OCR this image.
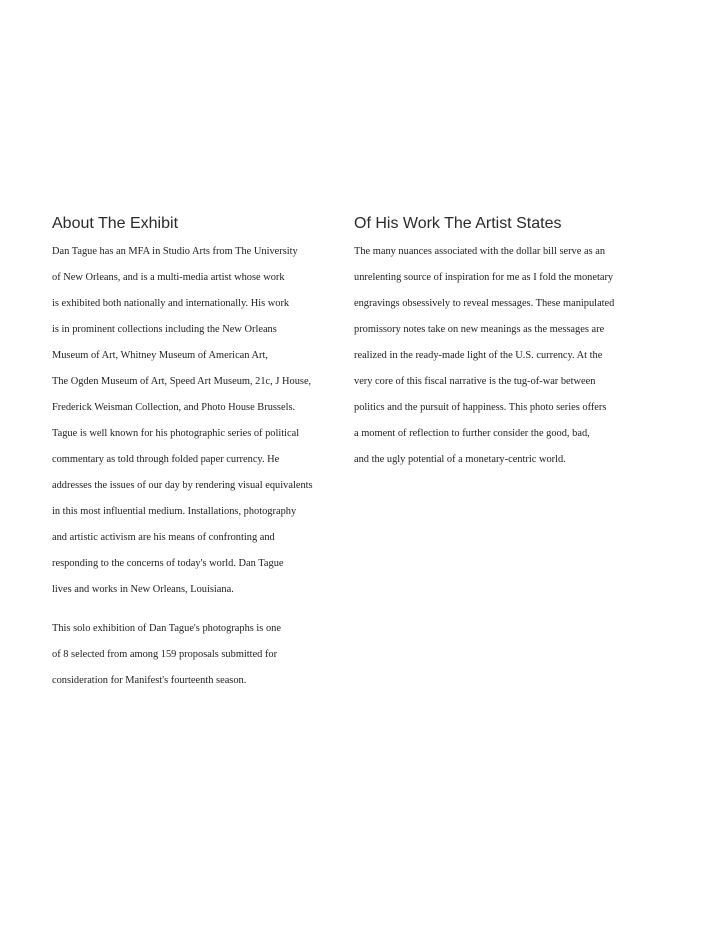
About The Exhibit
Dan Tague has an MFA in Studio Arts from The University
of New Orleans, and is a multi-media artist whose work
is exhibited both nationally and internationally. His work
is in prominent collections including the New Orleans
Museum of Art, Whitney Museum of American Art,
The Ogden Museum of Art, Speed Art Museum, 21c, J House,
Frederick Weisman Collection, and Photo House Brussels.
Tague is well known for his photographic series of political
commentary as told through folded paper currency. He
addresses the issues of our day by rendering visual equivalents
in this most influential medium. Installations, photography
and artistic activism are his means of confronting and
responding to the concerns of today's world. Dan Tague
lives and works in New Orleans, Louisiana.
This solo exhibition of Dan Tague's photographs is one
of 8 selected from among 159 proposals submitted for
consideration for Manifest's fourteenth season.
Of His Work The Artist States
The many nuances associated with the dollar bill serve as an
unrelenting source of inspiration for me as I fold the monetary
engravings obsessively to reveal messages. These manipulated
promissory notes take on new meanings as the messages are
realized in the ready-made light of the U.S. currency. At the
very core of this fiscal narrative is the tug-of-war between
politics and the pursuit of happiness. This photo series offers
a moment of reflection to further consider the good, bad,
and the ugly potential of a monetary-centric world.
